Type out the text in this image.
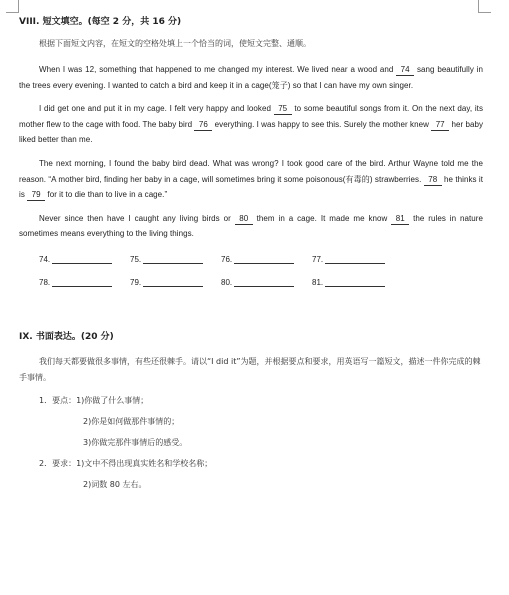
VIII. 短文填空。(每空 2 分，共 16 分)

根据下面短文内容，在短文的空格处填上一个恰当的词，使短文完整、通顺。

When I was 12, something that happened to me changed my interest. We lived near a wood and 74 sang beautifully in the trees every evening. I wanted to catch a bird and keep it in a cage(笼子) so that I can have my own singer.

I did get one and put it in my cage. I felt very happy and looked 75 to some beautiful songs from it. On the next day, its mother flew to the cage with food. The baby bird 76 everything. I was happy to see this. Surely the mother knew 77 her baby liked better than me.

The next morning, I found the baby bird dead. What was wrong? I took good care of the bird. Arthur Wayne told me the reason. “A mother bird, finding her baby in a cage, will sometimes bring it some poisonous(有毒的) strawberries. 78 he thinks it is 79 for it to die than to live in a cage.”

Never since then have I caught any living birds or 80 them in a cage. It made me know 81 the rules in nature sometimes means everything to the living things.

74.	75.	76.	77.
78.	79.	80.	81.

IX. 书面表达。(20 分)

我们每天都要做很多事情，有些还很棘手。请以“I did it”为题，并根据要点和要求，用英语写一篇短文，描述一件你完成的棘手事情。

1．要点：1)你做了什么事情；

2)你是如何做那件事情的；

3)你做完那件事情后的感受。

2．要求：1)文中不得出现真实姓名和学校名称；

2)词数 80 左右。
